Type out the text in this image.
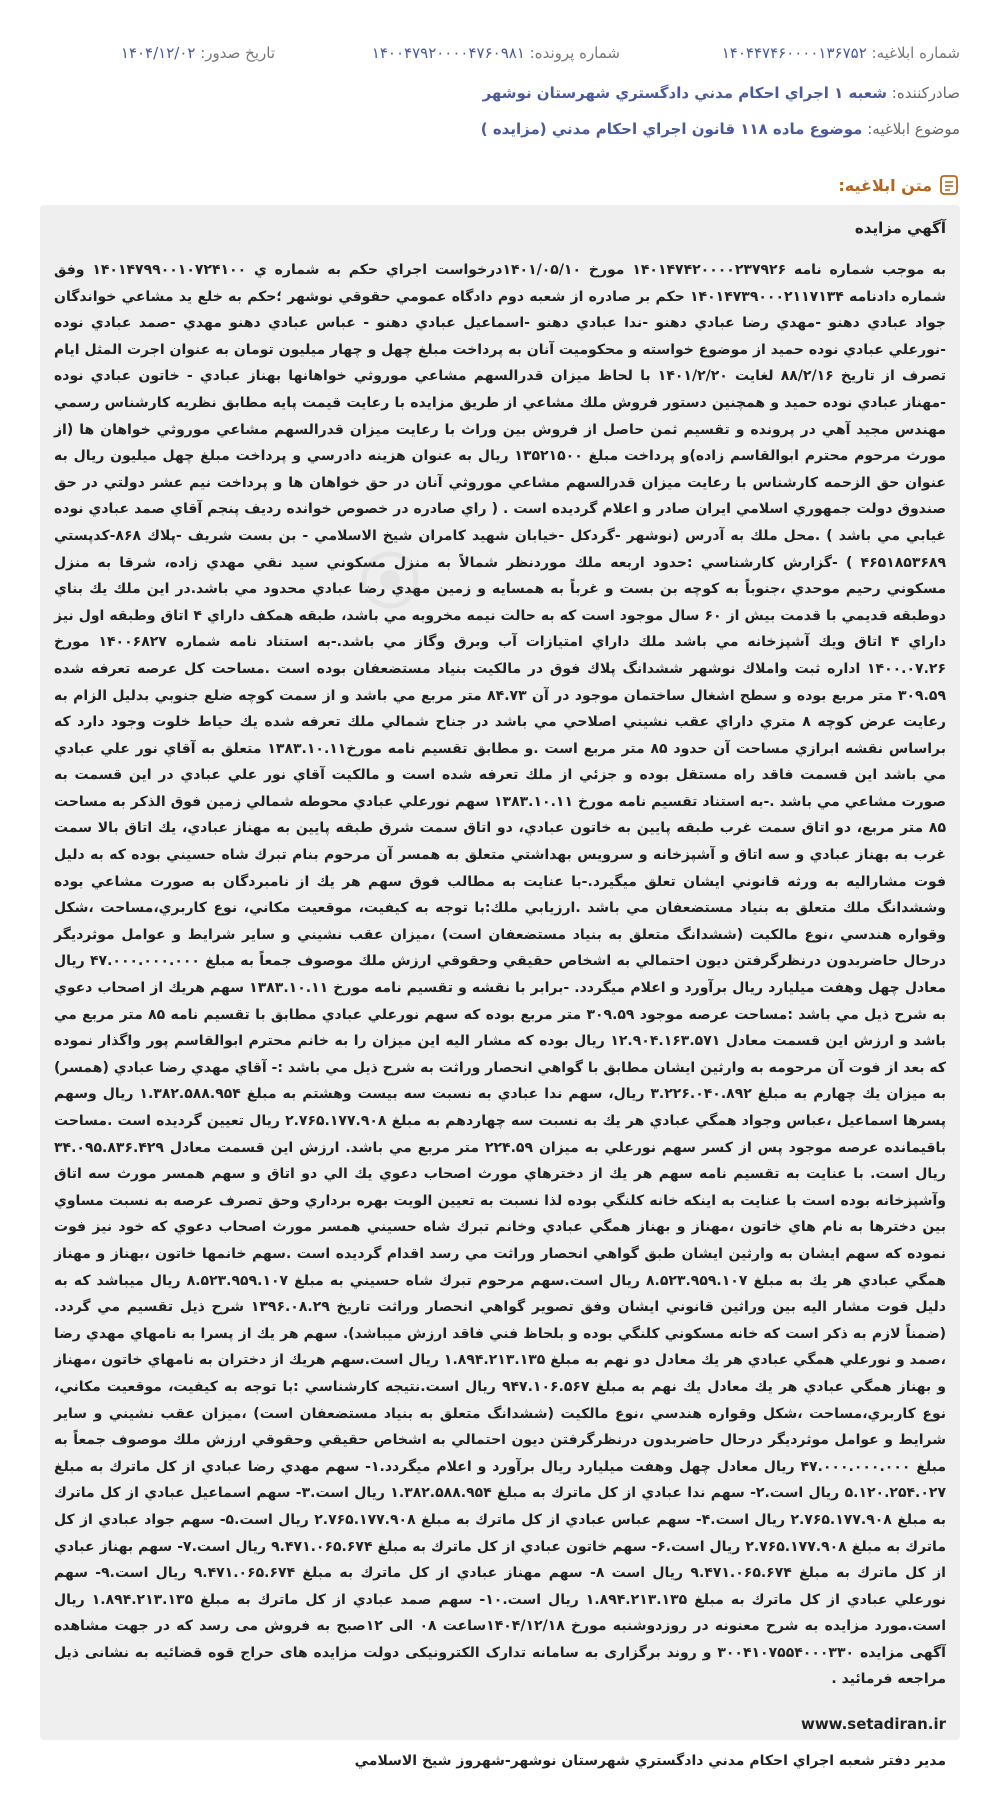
شماره ابلاغیه: ۱۴۰۴۴۷۴۶۰۰۰۰۱۳۶۷۵۲
شماره پرونده: ۱۴۰۰۴۷۹۲۰۰۰۰۴۷۶۰۹۸۱
تاریخ صدور: ۱۴۰۴/۱۲/۰۲
صادرکننده: شعبه ۱ اجراي احكام مدني دادگستري شهرستان نوشهر
موضوع ابلاغیه: موضوع ماده ۱۱۸ قانون اجراي احكام مدني (مزايده )
متن ابلاغیه:

آگهي مزايده

به موجب شماره نامه ۱۴۰۱۴۷۴۲۰۰۰۰۲۳۷۹۲۶ مورخ ۱۴۰۱/۰۵/۱۰درخواست اجراي حكم به شماره ي ۱۴۰۱۴۷۹۹۰۰۱۰۷۲۴۱۰۰ وفق شماره دادنامه ۱۴۰۱۴۷۳۹۰۰۰۲۱۱۷۱۳۴ حكم بر صادره از شعبه دوم دادگاه عمومي حقوقي نوشهر ؛حكم به خلع يد مشاعي خواندگان جواد عبادي دهنو -مهدي رضا عبادي دهنو -ندا عبادي دهنو -اسماعيل عبادي دهنو - عباس عبادي دهنو مهدي -صمد عبادي نوده -نورعلي عبادي نوده حميد از موضوع خواسته و محكوميت آنان به پرداخت مبلغ چهل و چهار ميليون تومان به عنوان اجرت المثل ايام تصرف از تاريخ ۸۸/۲/۱۶ لغايت ۱۴۰۱/۲/۲۰ با لحاظ ميزان قدرالسهم مشاعي موروثي خواهانها بهناز عبادي - خاتون عبادي نوده -مهناز عبادي نوده حميد و همچنين دستور فروش ملك مشاعي از طريق مزايده با رعايت قيمت پايه مطابق نظريه كارشناس رسمي مهندس مجيد آهي در پرونده و تقسيم ثمن حاصل از فروش بين وراث با رعايت ميزان قدرالسهم مشاعي موروثي خواهان ها (از مورث مرحوم محترم ابوالقاسم زاده)و پرداخت مبلغ ۱۳۵۲۱۵۰۰ ريال به عنوان هزينه دادرسي و پرداخت مبلغ چهل ميليون ريال به عنوان حق الزحمه كارشناس با رعايت ميزان قدرالسهم مشاعي موروثي آنان در حق خواهان ها و پرداخت نيم عشر دولتي در حق صندوق دولت جمهوري اسلامي ايران صادر و اعلام گرديده است . ( راي صادره در خصوص خوانده رديف پنجم آقاي صمد عبادي نوده غيابي مي باشد ) .محل ملك به آدرس (نوشهر -گردكل -خيابان شهيد كامران شيخ الاسلامي - بن بست شريف -پلاك ۸۶۸-كدپستي ۴۶۵۱۸۵۳۶۸۹ ) -گزارش كارشناسي :حدود اربعه ملك موردنظر شمالاً به منزل مسكوني سيد نقي مهدي زاده، شرقا به منزل مسكوني رحيم موحدي ،جنوباً به كوچه بن بست و غرباً به همسايه و زمين مهدي رضا عبادي محدود مي باشد.در اين ملك يك بناي دوطبقه قديمي با قدمت بيش از ۶۰ سال موجود است كه به حالت نيمه مخروبه مي باشد، طبقه همكف داراي ۴ اتاق وطبقه اول نيز داراي ۴ اتاق ويك آشپزخانه مي باشد ملك داراي امتيازات آب وبرق وگاز مي باشد.-به استناد نامه شماره ۱۴۰۰۶۸۲۷ مورخ ۱۴۰۰.۰۷.۲۶ اداره ثبت واملاك نوشهر ششدانگ پلاك فوق در مالكيت بنياد مستضعفان بوده است .مساحت كل عرصه تعرفه شده ۳۰۹.۵۹ متر مربع بوده و سطح اشغال ساختمان موجود در آن ۸۴.۷۳ متر مربع مي باشد و از سمت كوچه ضلع جنوبي بدليل الزام به رعايت عرض كوچه ۸ متري داراي عقب نشيني اصلاحي مي باشد در جناح شمالي ملك تعرفه شده يك حياط خلوت وجود دارد كه براساس نقشه ابرازي مساحت آن حدود ۸۵ متر مربع است .و مطابق تقسيم نامه مورخ۱۳۸۳.۱۰.۱۱ متعلق به آقاي نور علي عبادي مي باشد اين قسمت فاقد راه مستقل بوده و جزئي از ملك تعرفه شده است و مالكيت آقاي نور علي عبادي در اين قسمت به صورت مشاعي مي باشد .-به استناد تقسيم نامه مورخ ۱۳۸۳.۱۰.۱۱ سهم نورعلي عبادي محوطه شمالي زمين فوق الذكر به مساحت ۸۵ متر مربع، دو اتاق سمت غرب طبقه پايين به خاتون عبادي، دو اتاق سمت شرق طبقه پايين به مهناز عبادي، يك اتاق بالا سمت غرب به بهناز عبادي و سه اتاق و آشپزخانه و سرويس بهداشتي متعلق به همسر آن مرحوم بنام تبرك شاه حسيني بوده كه به دليل فوت مشاراليه به ورثه قانوني ايشان تعلق ميگيرد.-با عنايت به مطالب فوق سهم هر يك از نامبردگان به صورت مشاعي بوده وششدانگ ملك متعلق به بنياد مستضعفان مي باشد .ارزيابي ملك:با توجه به كيفيت، موقعيت مكاني، نوع كاربري،مساحت ،شكل وقواره هندسي ،نوع مالكيت (ششدانگ متعلق به بنياد مستضعفان است) ،ميزان عقب نشيني و ساير شرايط و عوامل موثرديگر درحال حاضربدون درنظرگرفتن ديون احتمالي به اشخاص حقيقي وحقوقي ارزش ملك موصوف جمعاً به مبلغ ۴۷.۰۰۰.۰۰۰.۰۰۰ ريال معادل چهل وهفت ميليارد ريال برآورد و اعلام ميگردد. -برابر با نقشه و تقسيم نامه مورخ ۱۳۸۳.۱۰.۱۱ سهم هريك از اصحاب دعوي به شرح ذيل مي باشد :مساحت عرصه موجود ۳۰۹.۵۹ متر مربع بوده كه سهم نورعلي عبادي مطابق با تقسيم نامه ۸۵ متر مربع مي باشد و ارزش اين قسمت معادل ۱۲.۹۰۴.۱۶۳.۵۷۱ ريال بوده كه مشار اليه اين ميزان را به خانم محترم ابوالقاسم پور واگذار نموده كه بعد از فوت آن مرحومه به وارثين ايشان مطابق با گواهي انحصار وراثت به شرح ذيل مي باشد :- آقاي مهدي رضا عبادي (همسر) به ميزان يك چهارم به مبلغ ۳.۲۲۶.۰۴۰.۸۹۲ ريال، سهم ندا عبادي به نسبت سه بيست وهشتم به مبلغ ۱.۳۸۲.۵۸۸.۹۵۴ ريال وسهم پسرها اسماعيل ،عباس وجواد همگي عبادي هر يك به نسبت سه چهاردهم به مبلغ ۲.۷۶۵.۱۷۷.۹۰۸ ريال تعيين گرديده است .مساحت باقيمانده عرصه موجود پس از كسر سهم نورعلي به ميزان ۲۲۴.۵۹ متر مربع مي باشد. ارزش اين قسمت معادل ۳۴.۰۹۵.۸۳۶.۴۲۹ ريال است. با عنايت به تقسيم نامه سهم هر يك از دخترهاي مورث اصحاب دعوي يك الي دو اتاق و سهم همسر مورث سه اتاق وآشپزخانه بوده است با عنايت به اينكه خانه كلنگي بوده لذا نسبت به تعيين الويت بهره برداري وحق تصرف عرصه به نسبت مساوي بين دخترها به نام هاي خاتون ،مهناز و بهناز همگي عبادي وخانم تبرك شاه حسيني همسر مورث اصحاب دعوي كه خود نيز فوت نموده كه سهم ايشان به وارثين ايشان طبق گواهي انحصار وراثت مي رسد اقدام گرديده است .سهم خانمها خاتون ،بهناز و مهناز همگي عبادي هر يك به مبلغ ۸.۵۲۳.۹۵۹.۱۰۷ ريال است.سهم مرحوم تبرك شاه حسيني به مبلغ ۸.۵۲۳.۹۵۹.۱۰۷ ريال ميباشد كه به دليل فوت مشار اليه بين وراثين قانوني ايشان وفق تصوير گواهي انحصار وراثت تاريخ ۱۳۹۶.۰۸.۲۹ شرح ذيل تقسيم مي گردد.(ضمناً لازم به ذكر است كه خانه مسكوني كلنگي بوده و بلحاظ فني فاقد ارزش ميباشد). سهم هر يك از پسرا به نامهاي مهدي رضا ،صمد و نورعلي همگي عبادي هر يك معادل دو نهم به مبلغ ۱.۸۹۴.۲۱۳.۱۳۵ ريال است.سهم هريك از دختران به نامهاي خاتون ،مهناز و بهناز همگي عبادي هر يك معادل يك نهم به مبلغ ۹۴۷.۱۰۶.۵۶۷ ريال است.نتيجه كارشناسي :با توجه به كيفيت، موقعيت مكاني، نوع كاربري،مساحت ،شكل وقواره هندسي ،نوع مالكيت (ششدانگ متعلق به بنياد مستضعفان است) ،ميزان عقب نشيني و ساير شرايط و عوامل موثرديگر درحال حاضربدون درنظرگرفتن ديون احتمالي به اشخاص حقيقي وحقوقي ارزش ملك موصوف جمعاً به مبلغ ۴۷.۰۰۰.۰۰۰.۰۰۰ ريال معادل چهل وهفت ميليارد ريال برآورد و اعلام ميگردد.۱- سهم مهدي رضا عبادي از كل ماترك به مبلغ ۵.۱۲۰.۲۵۴.۰۲۷ ريال است.۲- سهم ندا عبادي از كل ماترك به مبلغ ۱.۳۸۲.۵۸۸.۹۵۴ ريال است.۳- سهم اسماعيل عبادي از كل ماترك به مبلغ ۲.۷۶۵.۱۷۷.۹۰۸ ريال است.۴- سهم عباس عبادي از كل ماترك به مبلغ ۲.۷۶۵.۱۷۷.۹۰۸ ريال است.۵- سهم جواد عبادي از كل ماترك به مبلغ ۲.۷۶۵.۱۷۷.۹۰۸ ريال است.۶- سهم خاتون عبادي از كل ماترك به مبلغ ۹.۴۷۱.۰۶۵.۶۷۴ ريال است.۷- سهم بهناز عبادي از كل ماترك به مبلغ ۹.۴۷۱.۰۶۵.۶۷۴ ريال است ۸- سهم مهناز عبادي از كل ماترك به مبلغ ۹.۴۷۱.۰۶۵.۶۷۴ ريال است.۹- سهم نورعلي عبادي از كل ماترك به مبلغ ۱.۸۹۴.۲۱۳.۱۳۵ ريال است.۱۰- سهم صمد عبادي از كل ماترك به مبلغ ۱.۸۹۴.۲۱۳.۱۳۵ ريال است.مورد مزايده به شرح معنونه در روزدوشنبه مورخ ۱۴۰۴/۱۲/۱۸ساعت ۰۸ الی ۱۲صبح به فروش می رسد که در جهت مشاهده آگهی مزایده ۳۰۰۴۱۰۷۵۵۴۰۰۰۳۳۰ و روند برگزاری به سامانه تدارک الکترونیکی دولت مزایده های حراج قوه قضائیه به نشانی ذیل مراجعه فرمائید .

www.setadiran.ir

مدير دفتر شعبه اجراي احكام مدني دادگستري شهرستان نوشهر-شهروز شيخ الاسلامي
